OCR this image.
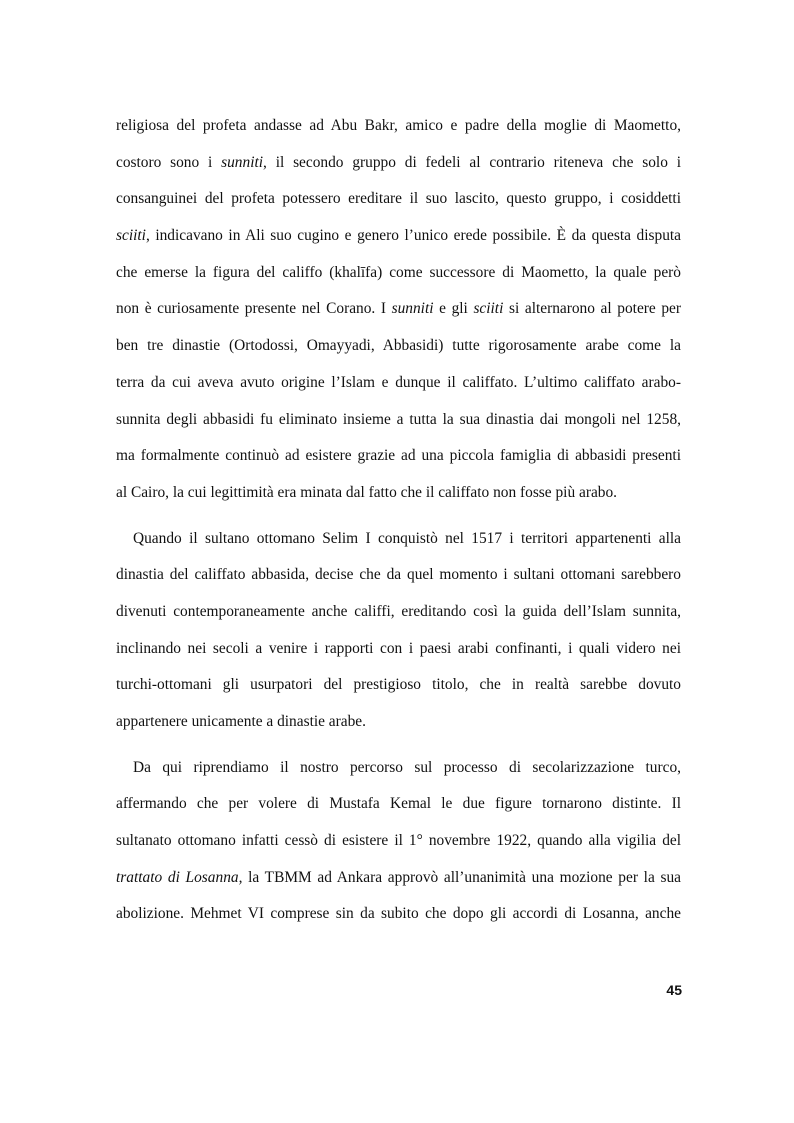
religiosa del profeta andasse ad Abu Bakr, amico e padre della moglie di Maometto,
costoro sono i sunniti, il secondo gruppo di fedeli al contrario riteneva che solo i
consanguinei del profeta potessero ereditare il suo lascito, questo gruppo, i cosiddetti
sciiti, indicavano in Ali suo cugino e genero l’unico erede possibile. È da questa disputa
che emerse la figura del califfo (khalīfa) come successore di Maometto, la quale però
non è curiosamente presente nel Corano. I sunniti e gli sciiti si alternarono al potere per
ben tre dinastie (Ortodossi, Omayyadi, Abbasidi) tutte rigorosamente arabe come la
terra da cui aveva avuto origine l’Islam e dunque il califfato. L’ultimo califfato arabo-
sunnita degli abbasidi fu eliminato insieme a tutta la sua dinastia dai mongoli nel 1258,
ma formalmente continuò ad esistere grazie ad una piccola famiglia di abbasidi presenti
al Cairo, la cui legittimità era minata dal fatto che il califfato non fosse più arabo.
Quando il sultano ottomano Selim I conquistò nel 1517 i territori appartenenti alla
dinastia del califfato abbasida, decise che da quel momento i sultani ottomani sarebbero
divenuti contemporaneamente anche califfi, ereditando così la guida dell’Islam sunnita,
inclinando nei secoli a venire i rapporti con i paesi arabi confinanti, i quali videro nei
turchi-ottomani gli usurpatori del prestigioso titolo, che in realtà sarebbe dovuto
appartenere unicamente a dinastie arabe.
Da qui riprendiamo il nostro percorso sul processo di secolarizzazione turco,
affermando che per volere di Mustafa Kemal le due figure tornarono distinte. Il
sultanato ottomano infatti cessò di esistere il 1° novembre 1922, quando alla vigilia del
trattato di Losanna, la TBMM ad Ankara approvò all’unanimità una mozione per la sua
abolizione. Mehmet VI comprese sin da subito che dopo gli accordi di Losanna, anche
45
